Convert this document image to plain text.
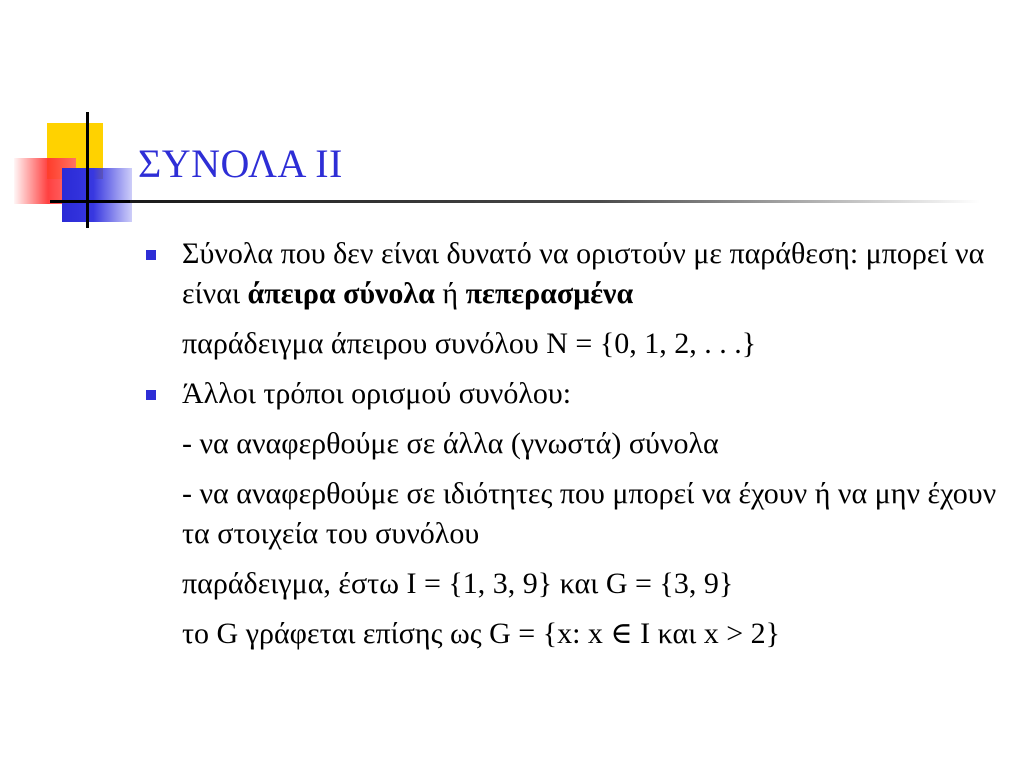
ΣΥΝΟΛΑ ΙΙ
Σύνολα που δεν είναι δυνατό να οριστούν με παράθεση: μπορεί να είναι άπειρα σύνολα ή πεπερασμένα
παράδειγμα άπειρου συνόλου N = {0, 1, 2, . . .}
Άλλοι τρόποι ορισμού συνόλου:
- να αναφερθούμε σε άλλα (γνωστά) σύνολα
- να αναφερθούμε σε ιδιότητες που μπορεί να έχουν ή να μην έχουν τα στοιχεία του συνόλου
παράδειγμα, έστω Ι = {1, 3, 9} και G = {3, 9}
το G γράφεται επίσης ως G = {x: x ∈ I και x > 2}
